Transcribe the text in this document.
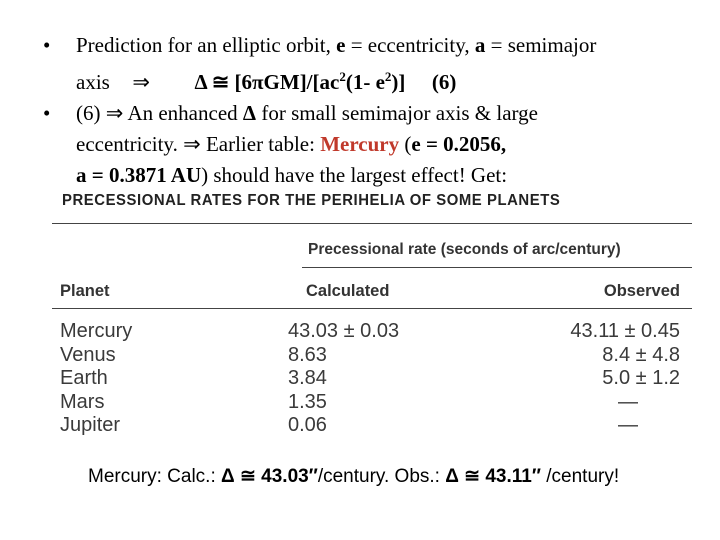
• Prediction for an elliptic orbit, e = eccentricity, a = semimajor
axis ⇒ Δ ≅ $[6\pi GM]/[ac^2(1-$ $e^2$)] (6)
• (6) ⇒ An enhanced Δ for small semimajor axis & large
eccentricity. ⇒ Earlier table: Mercury (e = 0.2056,
a = 0.3871 AU) should have the largest effect! Get:
PRECESSIONAL RATES FOR THE PERIHELIA OF SOME PLANETS
Precessional rate (seconds of arc/century)
Planet	Calculated	Observed
Mercury	43.03 ± 0.03	43.11 ± 0.45
Venus	8.63	8.4 ± 4.8
Earth	3.84	5.0 ± 1.2
Mars	1.35	—
Jupiter	0.06	—
Mercury: Calc.: Δ ≅ 43.03″/century. Obs.: Δ ≅ 43.11″ /century!
